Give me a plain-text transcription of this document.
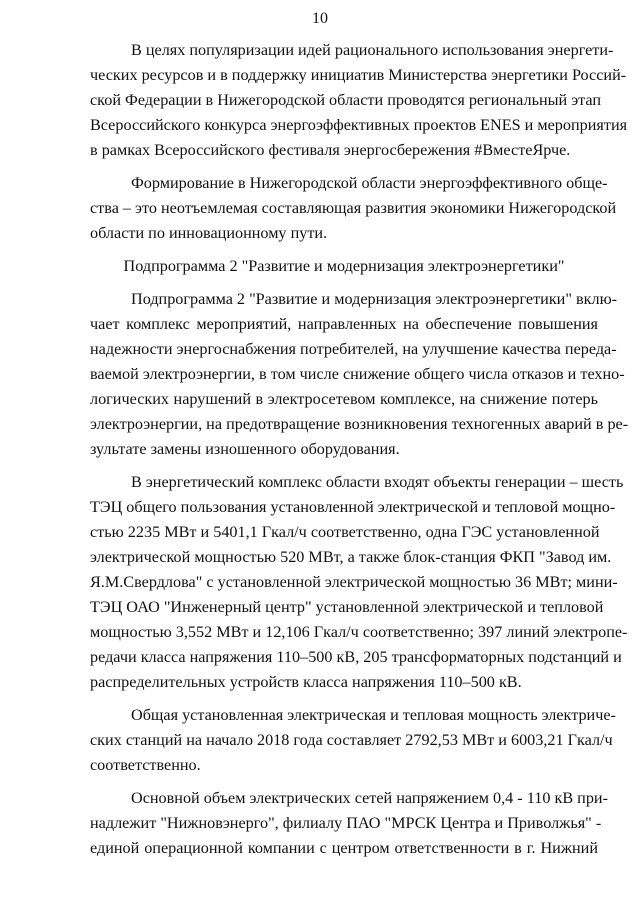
10
В целях популяризации идей рационального использования энергети-
ческих ресурсов и в поддержку инициатив Министерства энергетики Россий-
ской Федерации в Нижегородской области проводятся региональный этап
Всероссийского конкурса энергоэффективных проектов ENES и мероприятия
в рамках Всероссийского фестиваля энергосбережения #ВместеЯрче.
Формирование в Нижегородской области энергоэффективного обще-
ства – это неотъемлемая составляющая развития экономики Нижегородской
области по инновационному пути.
Подпрограмма 2 "Развитие и модернизация электроэнергетики"
Подпрограмма 2 "Развитие и модернизация электроэнергетики" вклю-
чает комплекс мероприятий, направленных на обеспечение повышения
надежности энергоснабжения потребителей, на улучшение качества переда-
ваемой электроэнергии, в том числе снижение общего числа отказов и техно-
логических нарушений в электросетевом комплексе, на снижение потерь
электроэнергии, на предотвращение возникновения техногенных аварий в ре-
зультате замены изношенного оборудования.
В энергетический комплекс области входят объекты генерации – шесть
ТЭЦ общего пользования установленной электрической и тепловой мощно-
стью 2235 МВт и 5401,1 Гкал/ч соответственно, одна ГЭС установленной
электрической мощностью 520 МВт, а также блок-станция ФКП "Завод им.
Я.М.Свердлова" с установленной электрической мощностью 36 МВт; мини-
ТЭЦ ОАО "Инженерный центр" установленной электрической и тепловой
мощностью 3,552 МВт и 12,106 Гкал/ч соответственно; 397 линий электропе-
редачи класса напряжения 110–500 кВ, 205 трансформаторных подстанций и
распределительных устройств класса напряжения 110–500 кВ.
Общая установленная электрическая и тепловая мощность электриче-
ских станций на начало 2018 года составляет 2792,53 МВт и 6003,21 Гкал/ч
соответственно.
Основной объем электрических сетей напряжением 0,4 - 110 кВ при-
надлежит "Нижновэнерго", филиалу ПАО "МРСК Центра и Приволжья" -
единой операционной компании с центром ответственности в г. Нижний
